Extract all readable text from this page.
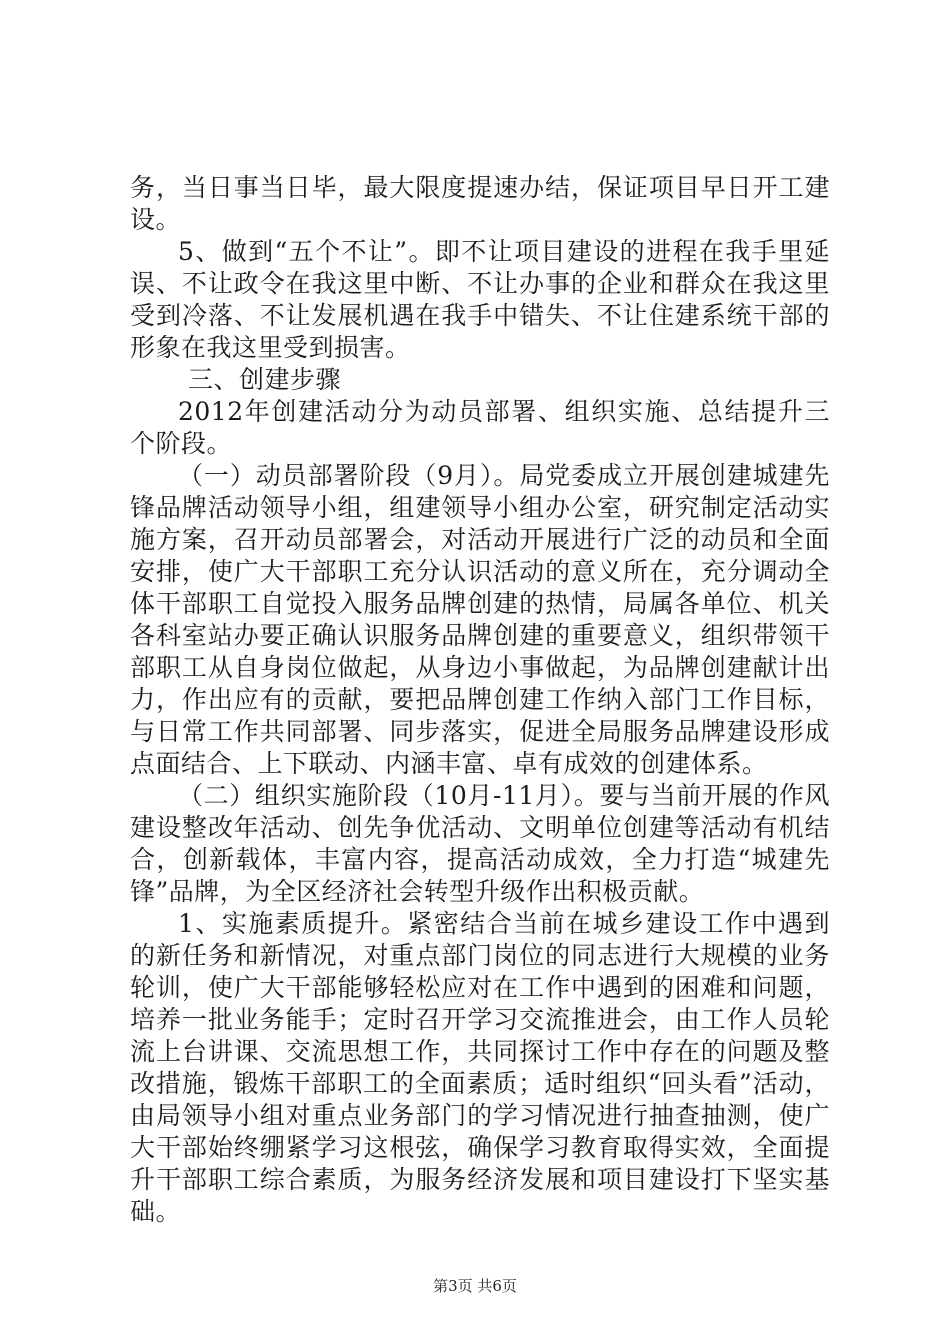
务，当日事当日毕，最大限度提速办结，保证项目早日开工建设。

5、做到“五个不让”。即不让项目建设的进程在我手里延误、不让政令在我这里中断、不让办事的企业和群众在我这里受到冷落、不让发展机遇在我手中错失、不让住建系统干部的形象在我这里受到损害。

三、创建步骤

2012年创建活动分为动员部署、组织实施、总结提升三个阶段。

（一）动员部署阶段（9月）。局党委成立开展创建城建先锋品牌活动领导小组，组建领导小组办公室，研究制定活动实施方案，召开动员部署会，对活动开展进行广泛的动员和全面安排，使广大干部职工充分认识活动的意义所在，充分调动全体干部职工自觉投入服务品牌创建的热情，局属各单位、机关各科室站办要正确认识服务品牌创建的重要意义，组织带领干部职工从自身岗位做起，从身边小事做起，为品牌创建献计出力，作出应有的贡献，要把品牌创建工作纳入部门工作目标，与日常工作共同部署、同步落实，促进全局服务品牌建设形成点面结合、上下联动、内涵丰富、卓有成效的创建体系。

（二）组织实施阶段（10月-11月）。要与当前开展的作风建设整改年活动、创先争优活动、文明单位创建等活动有机结合，创新载体，丰富内容，提高活动成效，全力打造“城建先锋”品牌，为全区经济社会转型升级作出积极贡献。

1、实施素质提升。紧密结合当前在城乡建设工作中遇到的新任务和新情况，对重点部门岗位的同志进行大规模的业务轮训，使广大干部能够轻松应对在工作中遇到的困难和问题，培养一批业务能手；定时召开学习交流推进会，由工作人员轮流上台讲课、交流思想工作，共同探讨工作中存在的问题及整改措施，锻炼干部职工的全面素质；适时组织“回头看”活动，由局领导小组对重点业务部门的学习情况进行抽查抽测，使广大干部始终绷紧学习这根弦，确保学习教育取得实效，全面提升干部职工综合素质，为服务经济发展和项目建设打下坚实基础。

第3页 共6页
